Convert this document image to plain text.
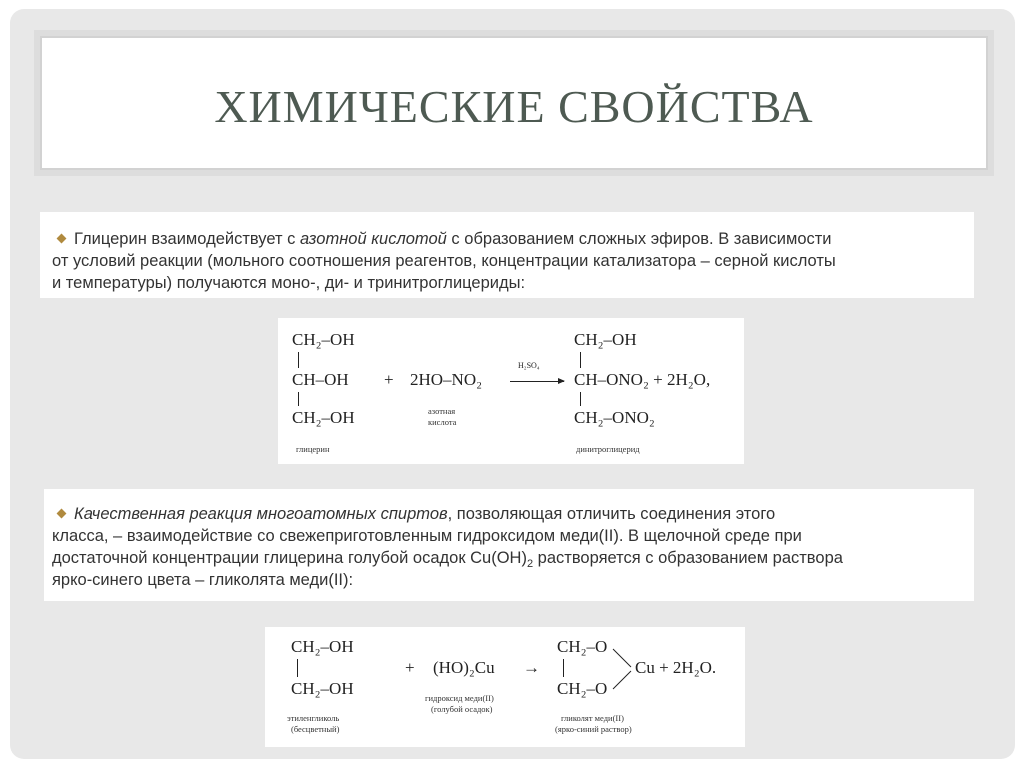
ХИМИЧЕСКИЕ СВОЙСТВА
Глицерин взаимодействует с азотной кислотой с образованием сложных эфиров. В зависимости
от условий реакции (мольного соотношения реагентов, концентрации катализатора – серной кислоты
и температуры) получаются моно-, ди- и тринитроглицериды:
CH₂–OH
CH–OH
CH₂–OH
глицерин
+ 2HO–NO₂
азотная
кислота
H₂SO₄
CH₂–OH
CH–ONO₂ + 2H₂O,
CH₂–ONO₂
динитроглицерид
Качественная реакция многоатомных спиртов, позволяющая отличить соединения этого
класса, – взаимодействие со свежеприготовленным гидроксидом меди(II). В щелочной среде при
достаточной концентрации глицерина голубой осадок $Cu(OH)_2$ растворяется с образованием раствора
ярко-синего цвета – гликолята меди(II):
CH₂–OH
CH₂–OH
этиленгликоль
(бесцветный)
+ (HO)₂Cu
гидроксид меди(II)
(голубой осадок)
→
CH₂–O
CH₂–O
Cu + 2H₂O.
гликолят меди(II)
(ярко-синий раствор)
